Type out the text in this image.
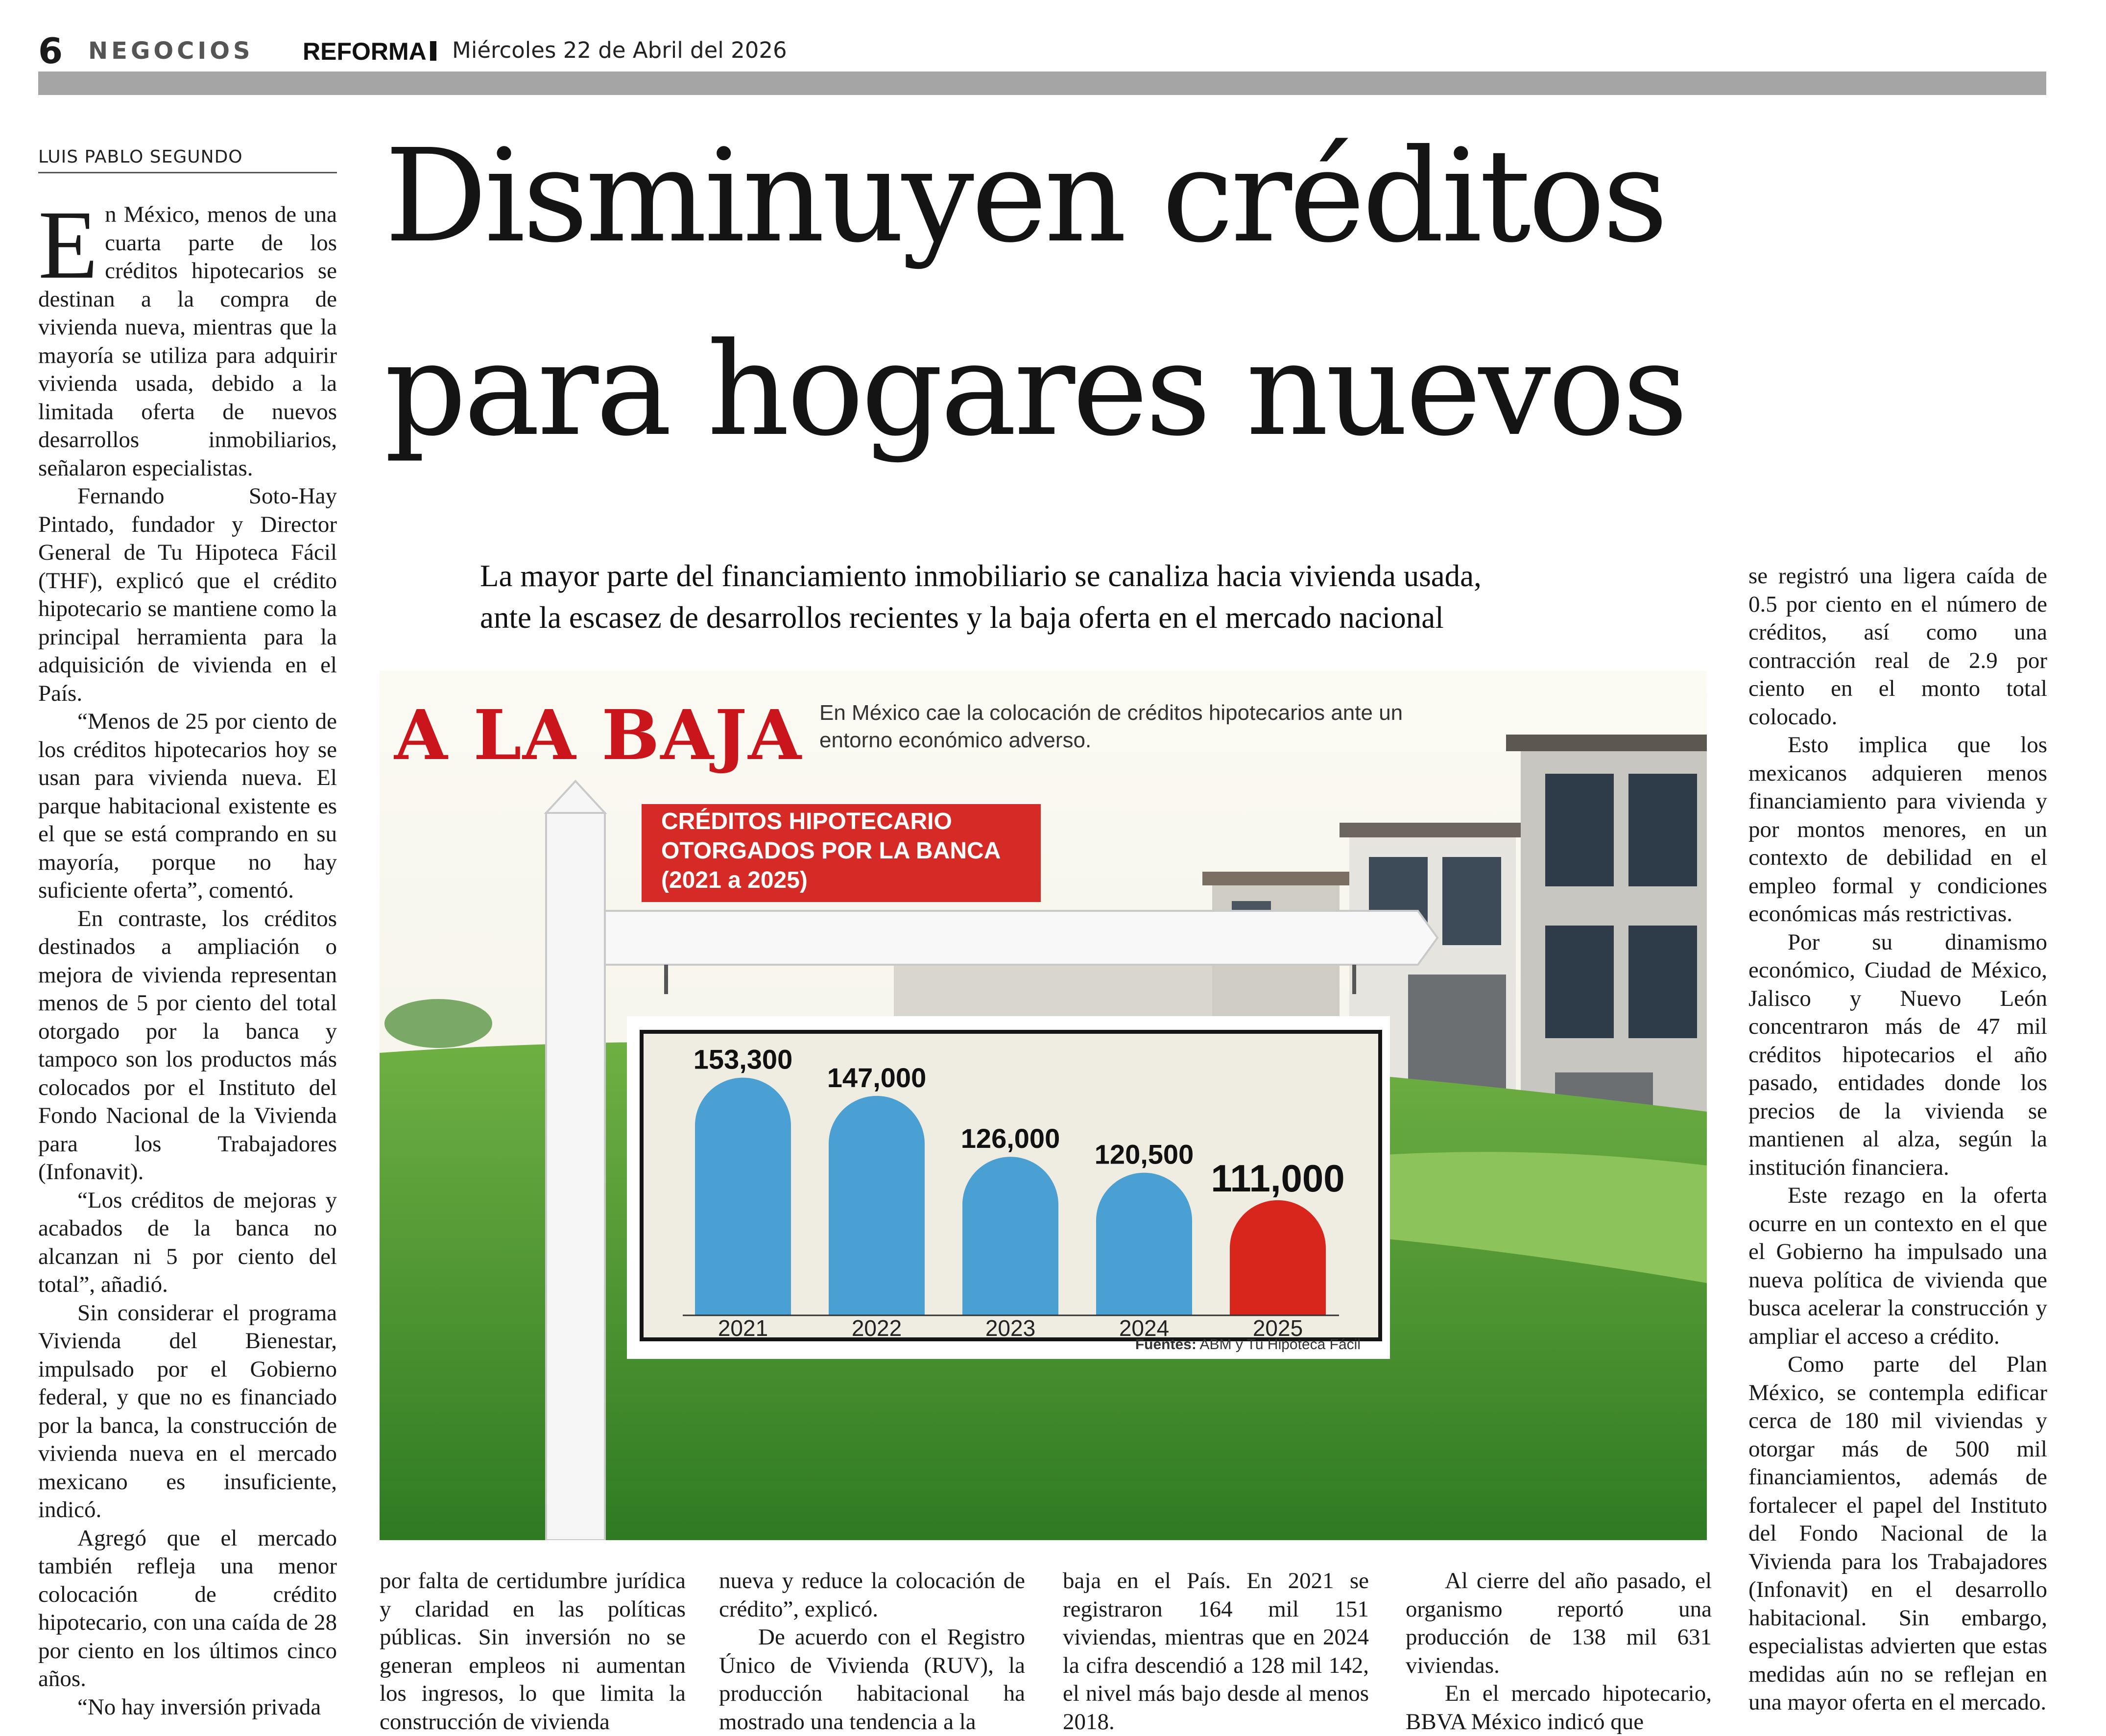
6 NEGOCIOS REFORMA Miércoles 22 de Abril del 2026
LUIS PABLO SEGUNDO	Disminuyen créditos
para hogares nuevos
La mayor parte del financiamiento inmobiliario se canaliza hacia vivienda usada,
ante la escasez de desarrollos recientes y la baja oferta en el mercado nacional

En México, menos de una cuarta parte de los créditos hipotecarios se destinan a la compra de vivienda nueva, mientras que la mayoría se utiliza para adquirir vivienda usada, debido a la limitada oferta de nuevos desarrollos inmobiliarios, señalaron especialistas.

Fernando Soto-Hay Pintado, fundador y Director General de Tu Hipoteca Fácil (THF), explicó que el crédito hipotecario se mantiene como la principal herramienta para la adquisición de vivienda en el País.

“Menos de 25 por ciento de los créditos hipotecarios hoy se usan para vivienda nueva. El parque habitacional existente es el que se está comprando en su mayoría, porque no hay suficiente oferta”, comentó.

En contraste, los créditos destinados a ampliación o mejora de vivienda representan menos de 5 por ciento del total otorgado por la banca y tampoco son los productos más colocados por el Instituto del Fondo Nacional de la Vivienda para los Trabajadores (Infonavit).

“Los créditos de mejoras y acabados de la banca no alcanzan ni 5 por ciento del total”, añadió.

Sin considerar el programa Vivienda del Bienestar, impulsado por el Gobierno federal, y que no es financiado por la banca, la construcción de vivienda nueva en el mercado mexicano es insuficiente, indicó.

Agregó que el mercado también refleja una menor colocación de crédito hipotecario, con una caída de 28 por ciento en los últimos cinco años.

“No hay inversión privada

se registró una ligera caída de 0.5 por ciento en el número de créditos, así como una contracción real de 2.9 por ciento en el monto total colocado.

Esto implica que los mexicanos adquieren menos financiamiento para vivienda y por montos menores, en un contexto de debilidad en el empleo formal y condiciones económicas más restrictivas.

Por su dinamismo económico, Ciudad de México, Jalisco y Nuevo León concentraron más de 47 mil créditos hipotecarios el año pasado, entidades donde los precios de la vivienda se mantienen al alza, según la institución financiera.

Este rezago en la oferta ocurre en un contexto en el que el Gobierno ha impulsado una nueva política de vivienda que busca acelerar la construcción y ampliar el acceso a crédito.

Como parte del Plan México, se contempla edificar cerca de 180 mil viviendas y otorgar más de 500 mil financiamientos, además de fortalecer el papel del Instituto del Fondo Nacional de la Vivienda para los Trabajadores (Infonavit) en el desarrollo habitacional. Sin embargo, especialistas advierten que estas medidas aún no se reflejan en una mayor oferta en el mercado.

por falta de certidumbre jurídica y claridad en las políticas públicas. Sin inversión no se generan empleos ni aumentan los ingresos, lo que limita la construcción de vivienda

nueva y reduce la colocación de crédito”, explicó.

De acuerdo con el Registro Único de Vivienda (RUV), la producción habitacional ha mostrado una tendencia a la

baja en el País. En 2021 se registraron 164 mil 151 viviendas, mientras que en 2024 la cifra descendió a 128 mil 142, el nivel más bajo desde al menos 2018.

Al cierre del año pasado, el organismo reportó una producción de 138 mil 631 viviendas.

En el mercado hipotecario, BBVA México indicó que

A LA BAJA En México cae la colocación de créditos hipotecarios ante un entorno económico adverso.
CRÉDITOS HIPOTECARIO
OTORGADOS POR LA BANCA
(2021 a 2025)
153,300
2021
147,000
2022
126,000
2023
120,500
2024
111,000
2025
Fuentes: ABM y Tu Hipoteca Fácil
